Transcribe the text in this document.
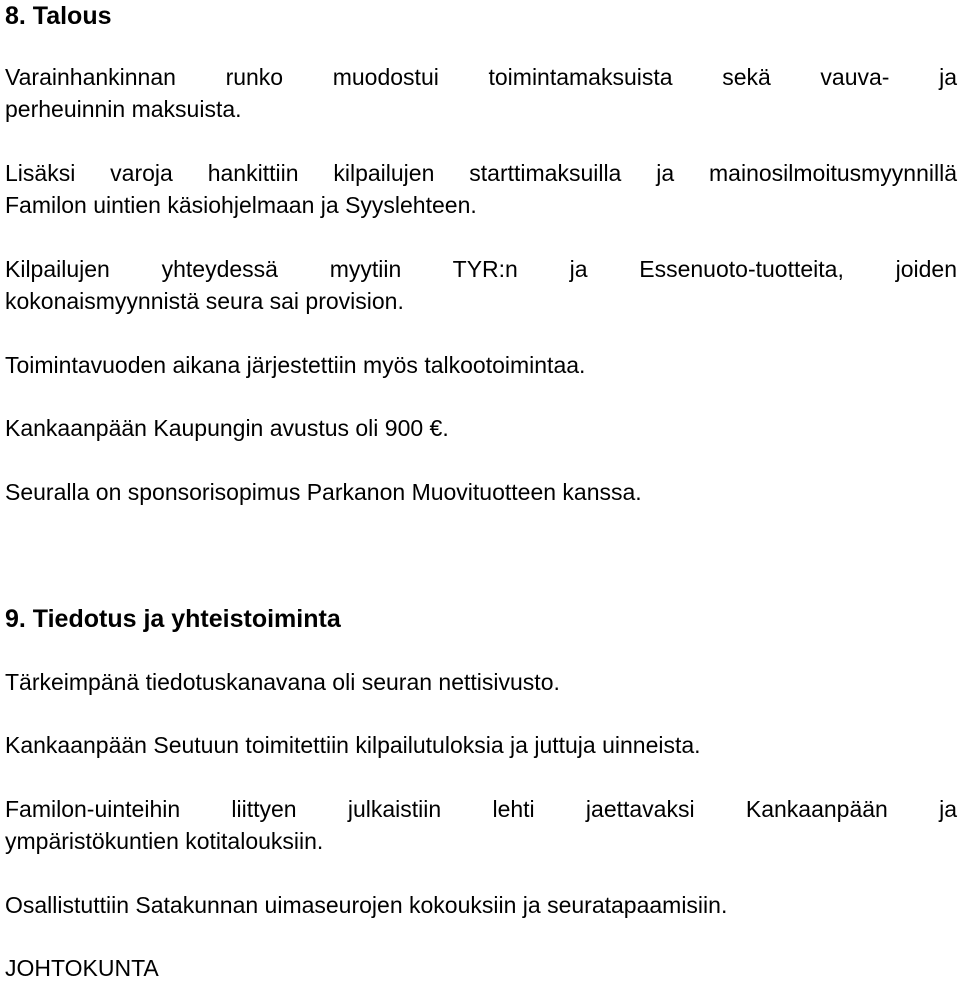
8. Talous

Varainhankinnan runko muodostui toimintamaksuista sekä vauva- ja
perheuinnin maksuista.

Lisäksi varoja hankittiin kilpailujen starttimaksuilla ja mainosilmoitusmyynnillä
Familon uintien käsiohjelmaan ja Syyslehteen.

Kilpailujen yhteydessä myytiin TYR:n ja Essenuoto-tuotteita, joiden
kokonaismyynnistä seura sai provision.

Toimintavuoden aikana järjestettiin myös talkootoimintaa.

Kankaanpään Kaupungin avustus oli 900 €.

Seuralla on sponsorisopimus Parkanon Muovituotteen kanssa.

9. Tiedotus ja yhteistoiminta

Tärkeimpänä tiedotuskanavana oli seuran nettisivusto.

Kankaanpään Seutuun toimitettiin kilpailutuloksia ja juttuja uinneista.

Familon-uinteihin liittyen julkaistiin lehti jaettavaksi Kankaanpään ja
ympäristökuntien kotitalouksiin.

Osallistuttiin Satakunnan uimaseurojen kokouksiin ja seuratapaamisiin.

JOHTOKUNTA
